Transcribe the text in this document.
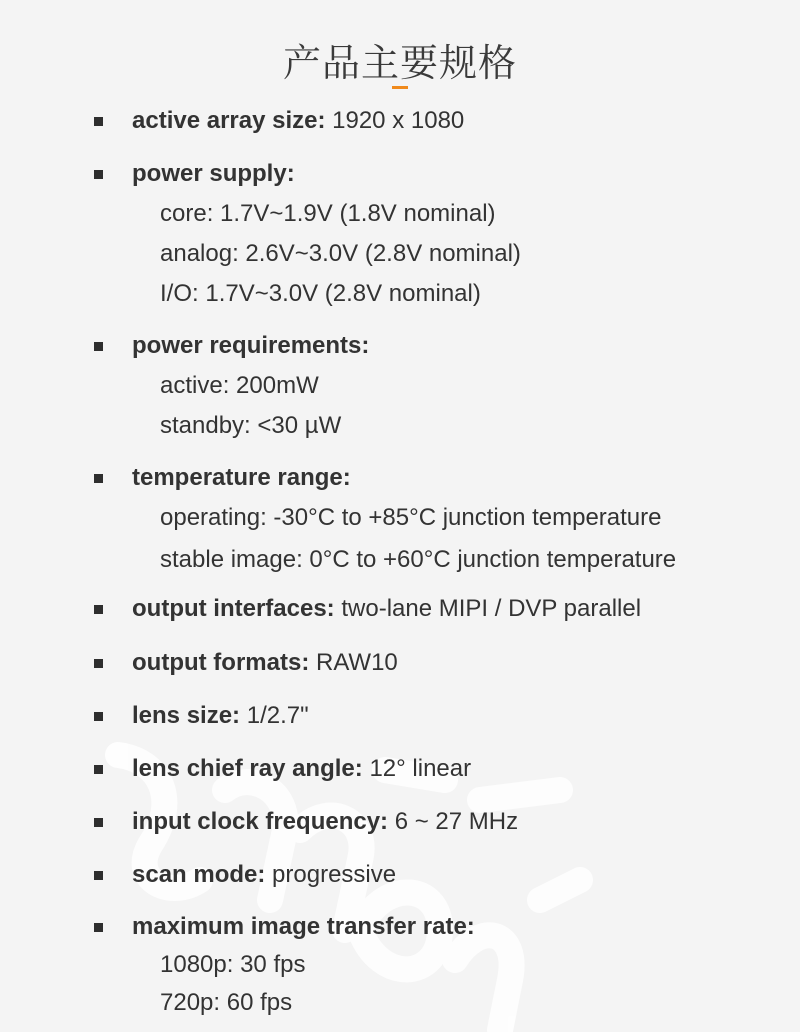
产品主要规格
active array size: 1920 x 1080
power supply:
core: 1.7V~1.9V (1.8V nominal)
analog: 2.6V~3.0V (2.8V nominal)
I/O: 1.7V~3.0V (2.8V nominal)
power requirements:
active: 200mW
standby: <30 µW
temperature range:
operating: -30°C to +85°C junction temperature
stable image: 0°C to +60°C junction temperature
output interfaces: two-lane MIPI / DVP parallel
output formats: RAW10
lens size: 1/2.7"
lens chief ray angle: 12° linear
input clock frequency: 6 ~ 27 MHz
scan mode: progressive
maximum image transfer rate:
1080p: 30 fps
720p: 60 fps
